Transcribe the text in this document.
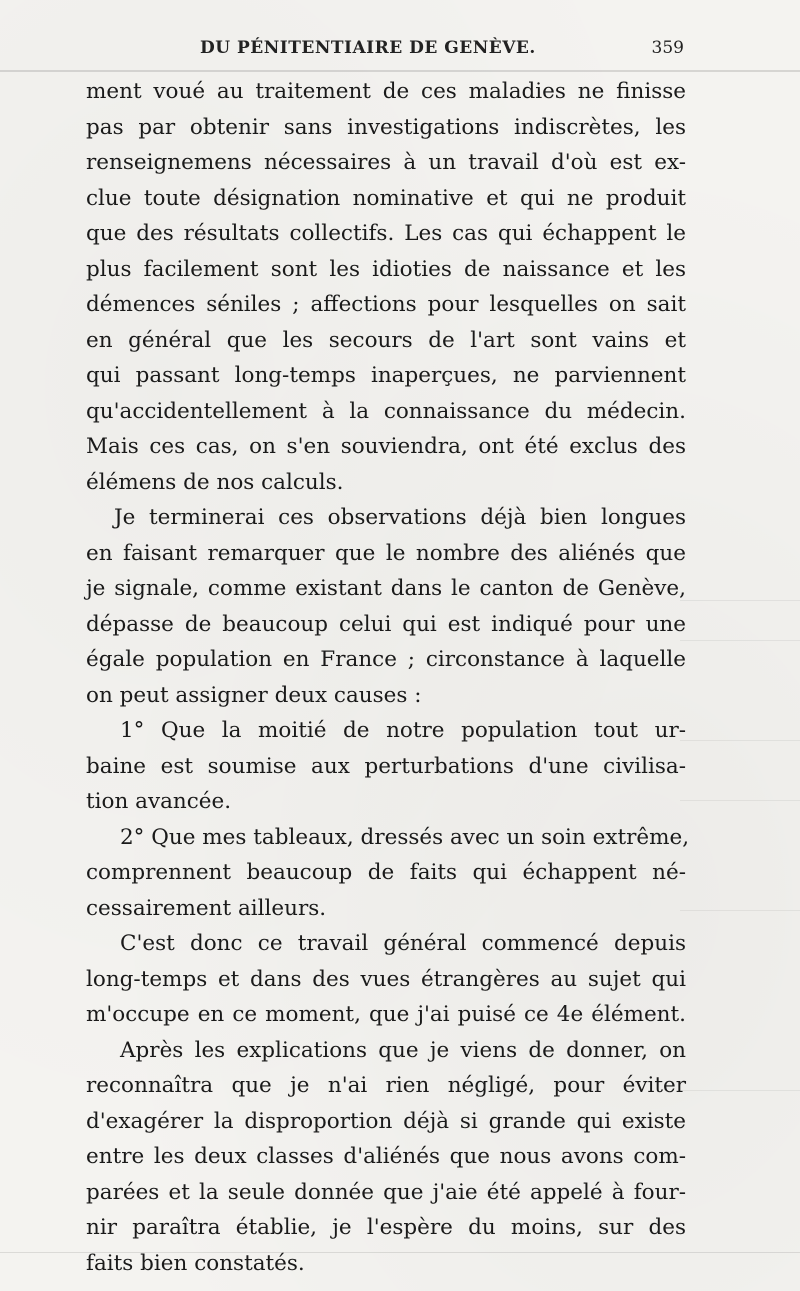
DU PÉNITENTIAIRE DE GENÈVE.	359
ment voué au traitement de ces maladies ne finisse
pas par obtenir sans investigations indiscrètes, les
renseignemens nécessaires à un travail d'où est ex-
clue toute désignation nominative et qui ne produit
que des résultats collectifs. Les cas qui échappent le
plus facilement sont les idioties de naissance et les
démences séniles ; affections pour lesquelles on sait
en général que les secours de l'art sont vains et
qui passant long-temps inaperçues, ne parviennent
qu'accidentellement à la connaissance du médecin.
Mais ces cas, on s'en souviendra, ont été exclus des
élémens de nos calculs.
Je terminerai ces observations déjà bien longues
en faisant remarquer que le nombre des aliénés que
je signale, comme existant dans le canton de Genève,
dépasse de beaucoup celui qui est indiqué pour une
égale population en France ; circonstance à laquelle
on peut assigner deux causes :
1° Que la moitié de notre population tout ur-
baine est soumise aux perturbations d'une civilisa-
tion avancée.
2° Que mes tableaux, dressés avec un soin extrême,
comprennent beaucoup de faits qui échappent né-
cessairement ailleurs.
C'est donc ce travail général commencé depuis
long-temps et dans des vues étrangères au sujet qui
m'occupe en ce moment, que j'ai puisé ce 4e élément.
Après les explications que je viens de donner, on
reconnaîtra que je n'ai rien négligé, pour éviter
d'exagérer la disproportion déjà si grande qui existe
entre les deux classes d'aliénés que nous avons com-
parées et la seule donnée que j'aie été appelé à four-
nir paraîtra établie, je l'espère du moins, sur des
faits bien constatés.
